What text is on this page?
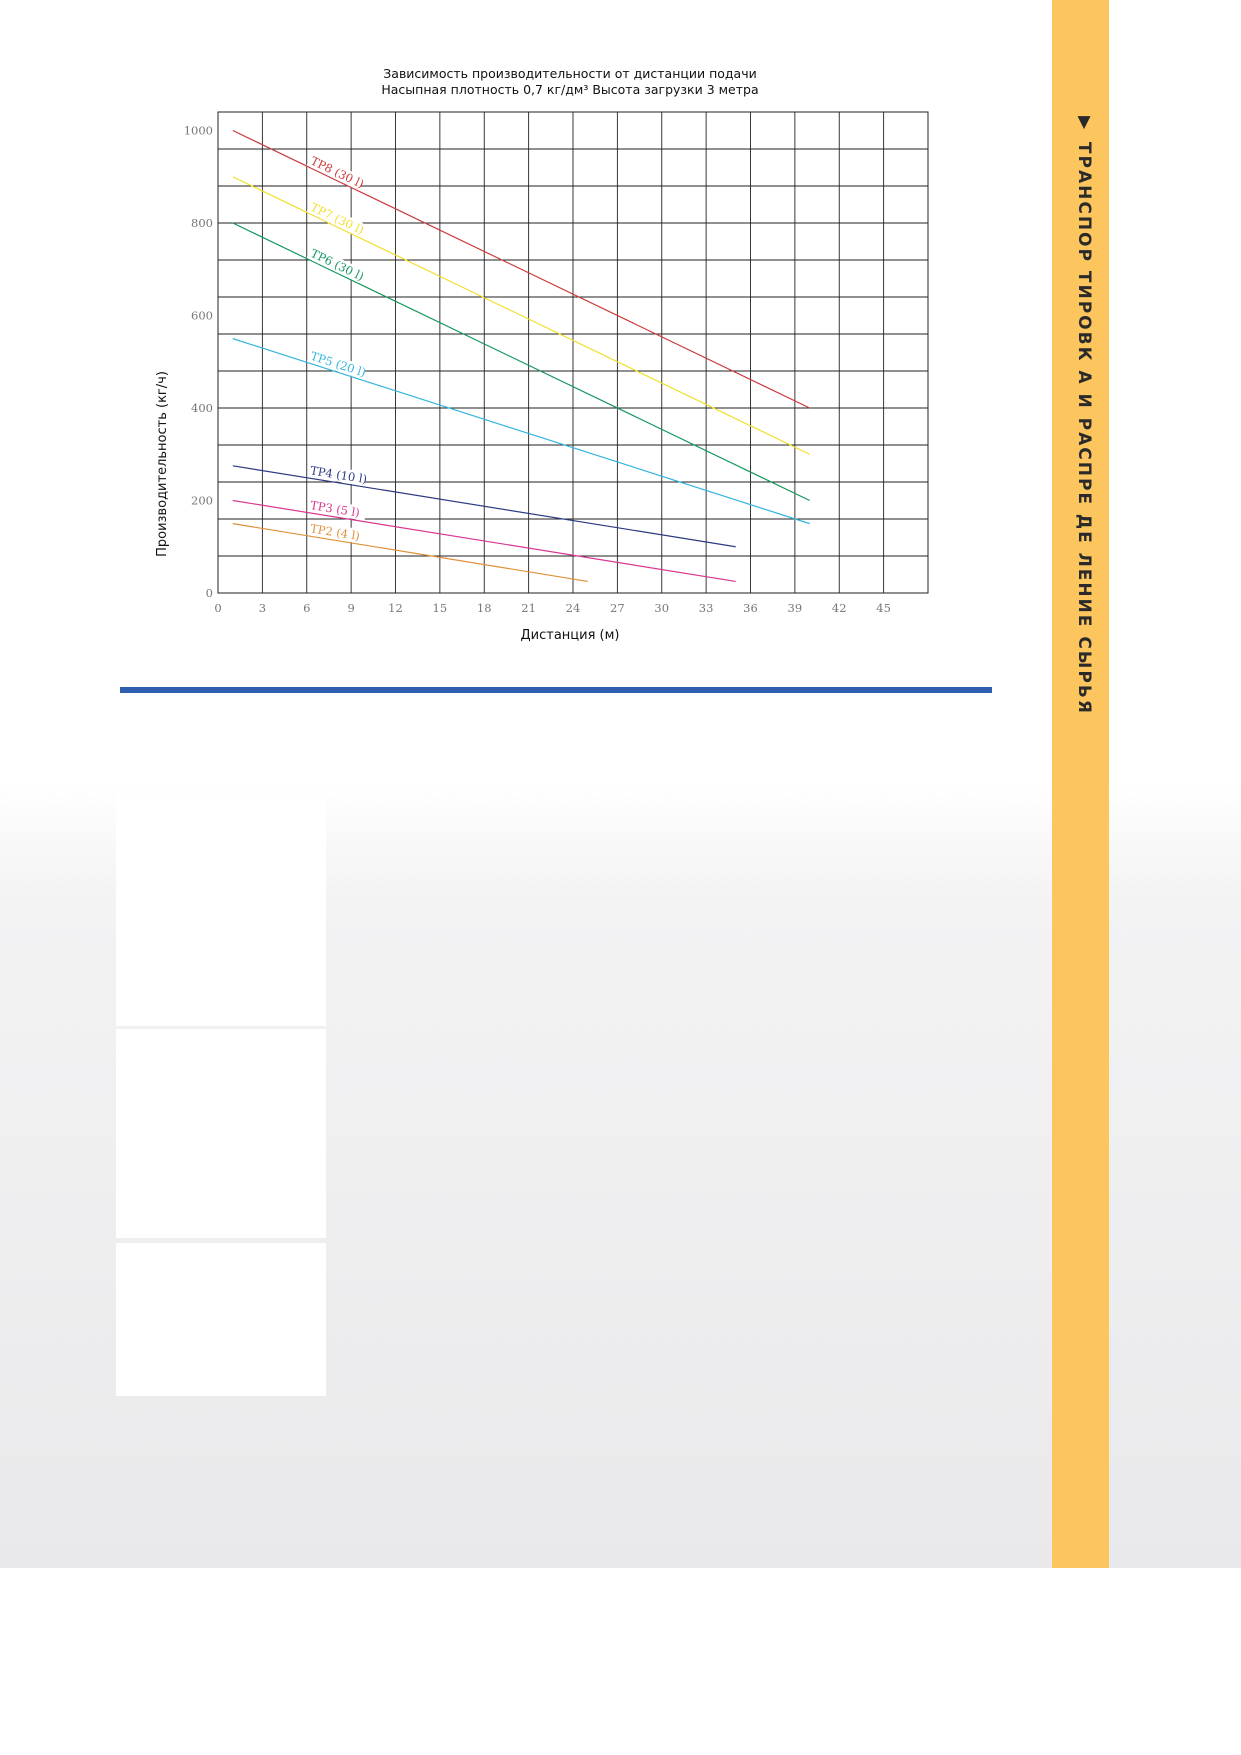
▼ ТРАНСПОР ТИРОВК А И РАСПРЕ ДЕ ЛЕНИЕ СЫРЬЯ
Зависимость производительности от дистанции подачи
Насыпная плотность 0,7 кг/дм³ Высота загрузки 3 метра
0	3	6	9	12	15	18	21	24	27	30	33	36	39	42	45
0
200
400
600
800
1000
TP8 (30 l)
TP7 (30 l)
TP6 (30 l)
TP5 (20 l)
TP4 (10 l)
TP3 (5 l)
TP2 (4 l)
Дистанция (м)
Производительность (кг/ч)
